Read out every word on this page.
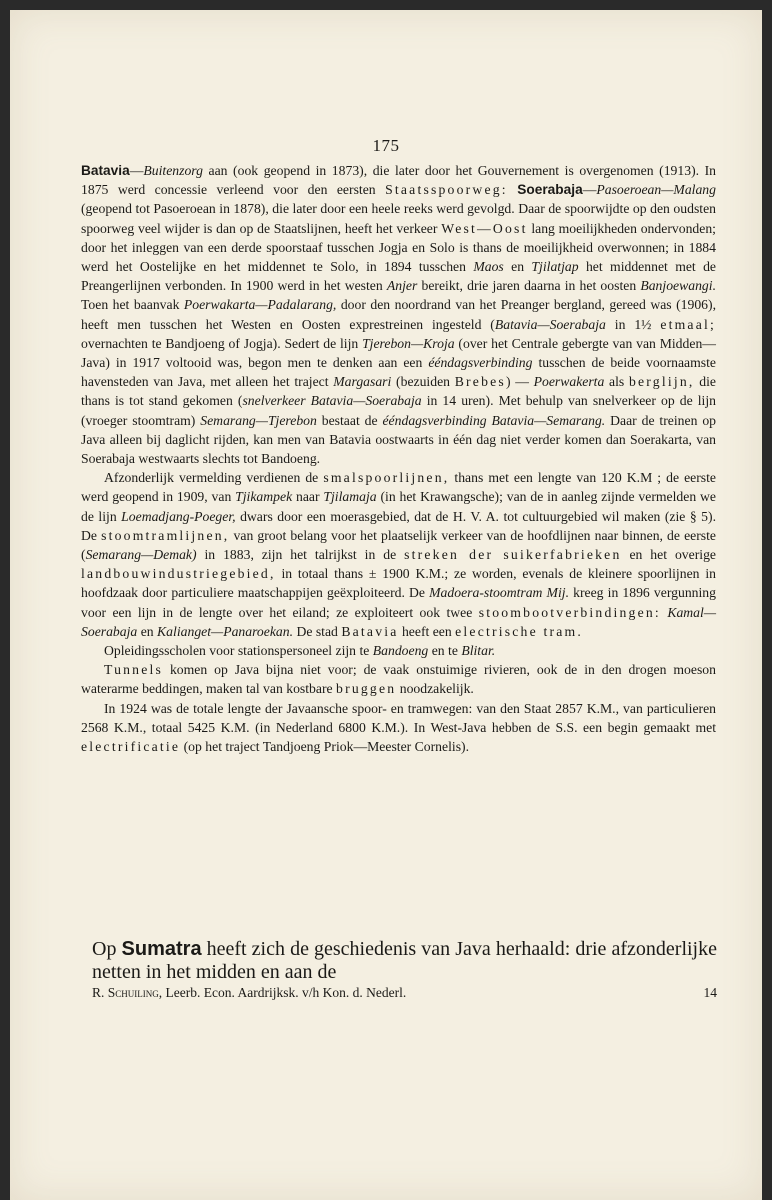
175

Batavia—Buitenzorg aan (ook geopend in 1873), die later door het Gouvernement is overgenomen (1913). In 1875 werd concessie verleend voor den eersten Staatsspoorweg: Soerabaja—Pasoeroean—Malang (geopend tot Pasoeroean in 1878), die later door een heele reeks werd gevolgd. Daar de spoorwijdte op den oudsten spoorweg veel wijder is dan op de Staatslijnen, heeft het verkeer West—Oost lang moeilijkheden ondervonden; door het inleggen van een derde spoorstaaf tusschen Jogja en Solo is thans de moeilijkheid overwonnen; in 1884 werd het Oostelijke en het middennet te Solo, in 1894 tusschen Maos en Tjilatjap het middennet met de Preangerlijnen verbonden. In 1900 werd in het westen Anjer bereikt, drie jaren daarna in het oosten Banjoewangi. Toen het baanvak Poerwakarta—Padalarang, door den noordrand van het Preanger bergland, gereed was (1906), heeft men tusschen het Westen en Oosten exprestreinen ingesteld (Batavia—Soerabaja in 1½ etmaal; overnachten te Bandjoeng of Jogja). Sedert de lijn Tjerebon—Kroja (over het Centrale gebergte van van Midden—Java) in 1917 voltooid was, begon men te denken aan een ééndagsverbinding tusschen de beide voornaamste havensteden van Java, met alleen het traject Margasari (bezuiden Brebes) — Poerwakerta als berglijn, die thans is tot stand gekomen (snelverkeer Batavia—Soerabaja in 14 uren). Met behulp van snelverkeer op de lijn (vroeger stoomtram) Semarang—Tjerebon bestaat de ééndagsverbinding Batavia—Semarang. Daar de treinen op Java alleen bij daglicht rijden, kan men van Batavia oostwaarts in één dag niet verder komen dan Soerakarta, van Soerabaja westwaarts slechts tot Bandoeng.

Afzonderlijk vermelding verdienen de smalspoorlijnen, thans met een lengte van 120 K.M ; de eerste werd geopend in 1909, van Tjikampek naar Tjilamaja (in het Krawangsche); van de in aanleg zijnde vermelden we de lijn Loemadjang-Poeger, dwars door een moerasgebied, dat de H. V. A. tot cultuurgebied wil maken (zie § 5). De stoomtramlijnen, van groot belang voor het plaatselijk verkeer van de hoofdlijnen naar binnen, de eerste (Semarang—Demak) in 1883, zijn het talrijkst in de streken der suikerfabrieken en het overige landbouwindustriegebied, in totaal thans ± 1900 K.M.; ze worden, evenals de kleinere spoorlijnen in hoofdzaak door particuliere maatschappijen geëxploiteerd. De Madoera-stoomtram Mij. kreeg in 1896 vergunning voor een lijn in de lengte over het eiland; ze exploiteert ook twee stoombootverbindingen: Kamal—Soerabaja en Kalianget—Panaroekan. De stad Batavia heeft een electrische tram.

Opleidingsscholen voor stationspersoneel zijn te Bandoeng en te Blitar.

Tunnels komen op Java bijna niet voor; de vaak onstuimige rivieren, ook de in den drogen moeson waterarme beddingen, maken tal van kostbare bruggen noodzakelijk.

In 1924 was de totale lengte der Javaansche spoor- en tramwegen: van den Staat 2857 K.M., van particulieren 2568 K.M., totaal 5425 K.M. (in Nederland 6800 K.M.). In West-Java hebben de S.S. een begin gemaakt met electrificatie (op het traject Tandjoeng Priok—Meester Cornelis).

Op Sumatra heeft zich de geschiedenis van Java herhaald: drie afzonderlijke netten in het midden en aan de
R. Schuiling, Leerb. Econ. Aardrijksk. v/h Kon. d. Nederl.	14
